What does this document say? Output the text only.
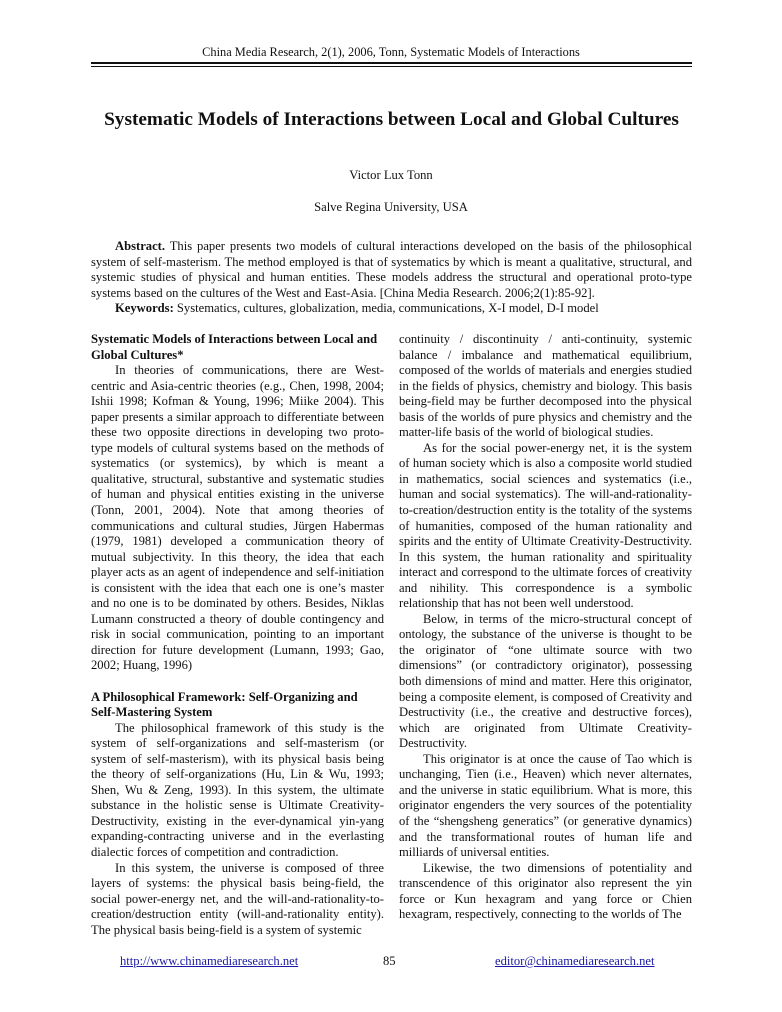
China Media Research, 2(1), 2006, Tonn, Systematic Models of Interactions
Systematic Models of Interactions between Local and Global Cultures
Victor Lux Tonn
Salve Regina University, USA

Abstract. This paper presents two models of cultural interactions developed on the basis of the philosophical system of self-masterism. The method employed is that of systematics by which is meant a qualitative, structural, and systemic studies of physical and human entities. These models address the structural and operational proto-type systems based on the cultures of the West and East-Asia. [China Media Research. 2006;2(1):85-92].

Keywords: Systematics, cultures, globalization, media, communications, X-I model, D-I model

Systematic Models of Interactions between Local and Global Cultures*

In theories of communications, there are West-centric and Asia-centric theories (e.g., Chen, 1998, 2004; Ishii 1998; Kofman & Young, 1996; Miike 2004). This paper presents a similar approach to differentiate between these two opposite directions in developing two proto-type models of cultural systems based on the methods of systematics (or systemics), by which is meant a qualitative, structural, substantive and systematic studies of human and physical entities existing in the universe (Tonn, 2001, 2004). Note that among theories of communications and cultural studies, Jürgen Habermas (1979, 1981) developed a communication theory of mutual subjectivity. In this theory, the idea that each player acts as an agent of independence and self-initiation is consistent with the idea that each one is one’s master and no one is to be dominated by others. Besides, Niklas Lumann constructed a theory of double contingency and risk in social communication, pointing to an important direction for future development (Lumann, 1993; Gao, 2002; Huang, 1996)

A Philosophical Framework: Self-Organizing and Self-Mastering System

The philosophical framework of this study is the system of self-organizations and self-masterism (or system of self-masterism), with its physical basis being the theory of self-organizations (Hu, Lin & Wu, 1993; Shen, Wu & Zeng, 1993). In this system, the ultimate substance in the holistic sense is Ultimate Creativity-Destructivity, existing in the ever-dynamical yin-yang expanding-contracting universe and in the everlasting dialectic forces of competition and contradiction.

In this system, the universe is composed of three layers of systems: the physical basis being-field, the social power-energy net, and the will-and-rationality-to-creation/destruction entity (will-and-rationality entity). The physical basis being-field is a system of systemic

continuity / discontinuity / anti-continuity, systemic balance / imbalance and mathematical equilibrium, composed of the worlds of materials and energies studied in the fields of physics, chemistry and biology. This basis being-field may be further decomposed into the physical basis of the worlds of pure physics and chemistry and the matter-life basis of the world of biological studies.

As for the social power-energy net, it is the system of human society which is also a composite world studied in mathematics, social sciences and systematics (i.e., human and social systematics). The will-and-rationality-to-creation/destruction entity is the totality of the systems of humanities, composed of the human rationality and spirits and the entity of Ultimate Creativity-Destructivity. In this system, the human rationality and spirituality interact and correspond to the ultimate forces of creativity and nihility. This correspondence is a symbolic relationship that has not been well understood.

Below, in terms of the micro-structural concept of ontology, the substance of the universe is thought to be the originator of “one ultimate source with two dimensions” (or contradictory originator), possessing both dimensions of mind and matter. Here this originator, being a composite element, is composed of Creativity and Destructivity (i.e., the creative and destructive forces), which are originated from Ultimate Creativity-Destructivity.

This originator is at once the cause of Tao which is unchanging, Tien (i.e., Heaven) which never alternates, and the universe in static equilibrium. What is more, this originator engenders the very sources of the potentiality of the “shengsheng generatics” (or generative dynamics) and the transformational routes of human life and milliards of universal entities.

Likewise, the two dimensions of potentiality and transcendence of this originator also represent the yin force or Kun hexagram and yang force or Chien hexagram, respectively, connecting to the worlds of The

http://www.chinamediaresearch.net	85	editor@chinamediaresearch.net
